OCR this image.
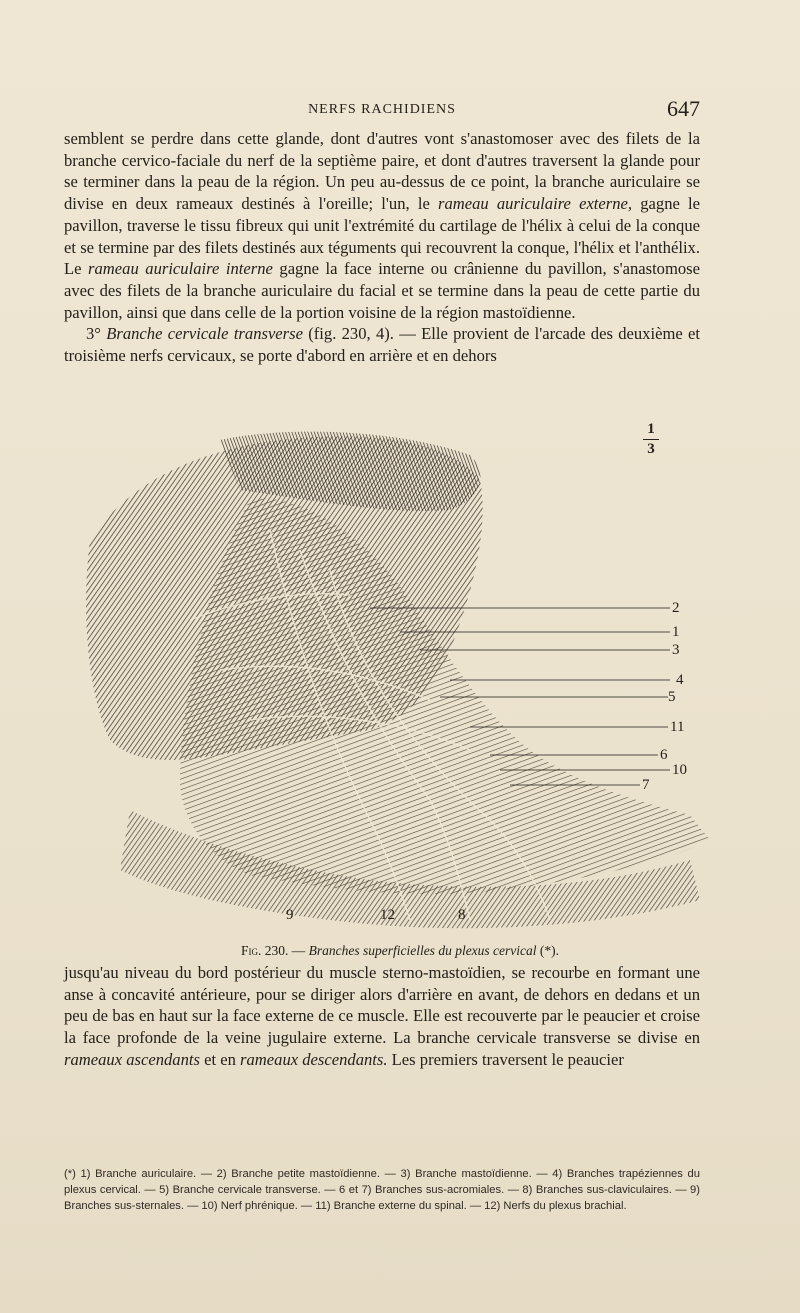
NERFS RACHIDIENS	647

semblent se perdre dans cette glande, dont d'autres vont s'anastomoser avec des filets de la branche cervico-faciale du nerf de la septième paire, et dont d'autres traversent la glande pour se terminer dans la peau de la région. Un peu au-dessus de ce point, la branche auriculaire se divise en deux rameaux destinés à l'oreille; l'un, le rameau auriculaire externe, gagne le pavillon, traverse le tissu fibreux qui unit l'extrémité du cartilage de l'hélix à celui de la conque et se termine par des filets destinés aux téguments qui recouvrent la conque, l'hélix et l'anthélix. Le rameau auriculaire interne gagne la face interne ou crânienne du pavillon, s'anastomose avec des filets de la branche auriculaire du facial et se termine dans la peau de cette partie du pavillon, ainsi que dans celle de la portion voisine de la région mastoïdienne.

3° Branche cervicale transverse (fig. 230, 4). — Elle provient de l'arcade des deuxième et troisième nerfs cervicaux, se porte d'abord en arrière et en dehors

1
3
2
1
3
4
5
11
6
10
7
9	12	8
Fig. 230. — Branches superficielles du plexus cervical (*).

jusqu'au niveau du bord postérieur du muscle sterno-mastoïdien, se recourbe en formant une anse à concavité antérieure, pour se diriger alors d'arrière en avant, de dehors en dedans et un peu de bas en haut sur la face externe de ce muscle. Elle est recouverte par le peaucier et croise la face profonde de la veine jugulaire externe. La branche cervicale transverse se divise en rameaux ascendants et en rameaux descendants. Les premiers traversent le peaucier

(*) 1) Branche auriculaire. — 2) Branche petite mastoïdienne. — 3) Branche mastoïdienne. — 4) Branches trapéziennes du plexus cervical. — 5) Branche cervicale transverse. — 6 et 7) Branches sus-acromiales. — 8) Branches sus-claviculaires. — 9) Branches sus-sternales. — 10) Nerf phrénique. — 11) Branche externe du spinal. — 12) Nerfs du plexus brachial.
